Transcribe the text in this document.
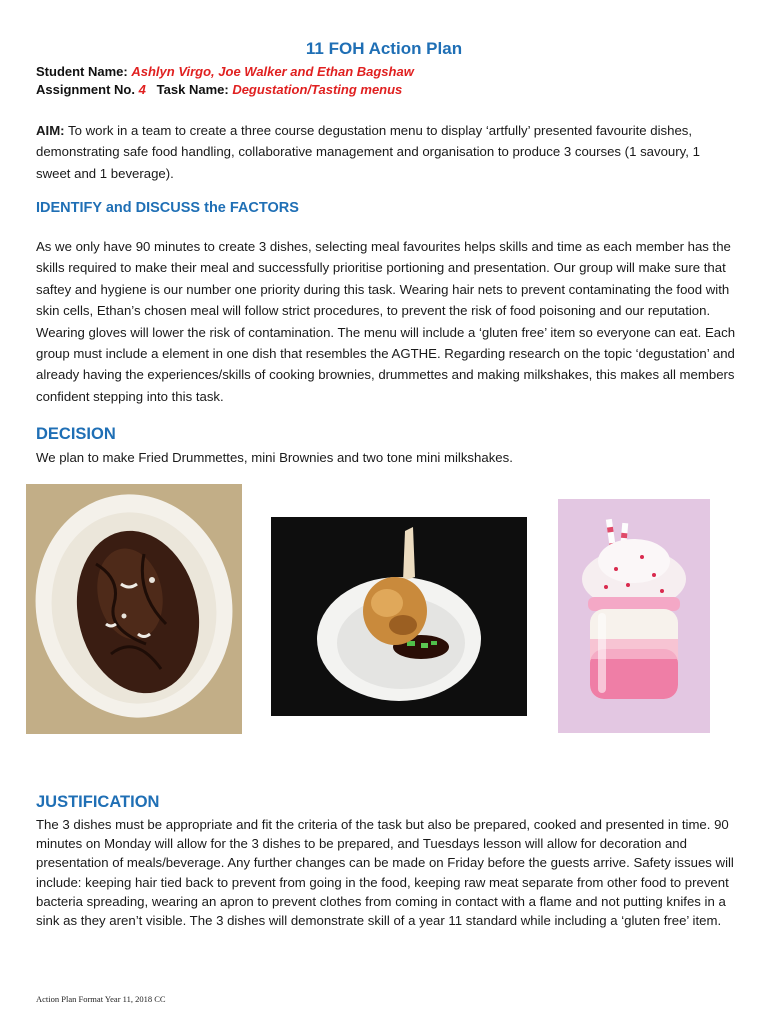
11 FOH Action Plan
Student Name: Ashlyn Virgo, Joe Walker and Ethan Bagshaw
Assignment No. 4 Task Name: Degustation/Tasting menus
AIM: To work in a team to create a three course degustation menu to display ‘artfully’ presented favourite dishes, demonstrating safe food handling, collaborative management and organisation to produce 3 courses (1 savoury, 1 sweet and 1 beverage).
IDENTIFY and DISCUSS the FACTORS
As we only have 90 minutes to create 3 dishes, selecting meal favourites helps skills and time as each member has the skills required to make their meal and successfully prioritise portioning and presentation. Our group will make sure that saftey and hygiene is our number one priority during this task. Wearing hair nets to prevent contaminating the food with skin cells, Ethan’s chosen meal will follow strict procedures, to prevent the risk of food poisoning and our reputation. Wearing gloves will lower the risk of contamination. The menu will include a ‘gluten free’ item so everyone can eat. Each group must include a element in one dish that resembles the AGTHE. Regarding research on the topic ‘degustation’ and already having the experiences/skills of cooking brownies, drummettes and making milkshakes, this makes all members confident stepping into this task.
DECISION
We plan to make Fried Drummettes, mini Brownies and two tone mini milkshakes.
JUSTIFICATION
The 3 dishes must be appropriate and fit the criteria of the task but also be prepared, cooked and presented in time. 90 minutes on Monday will allow for the 3 dishes to be prepared, and Tuesdays lesson will allow for decoration and presentation of meals/beverage. Any further changes can be made on Friday before the guests arrive. Safety issues will include: keeping hair tied back to prevent from going in the food, keeping raw meat separate from other food to prevent bacteria spreading, wearing an apron to prevent clothes from coming in contact with a flame and not putting knifes in a sink as they aren’t visible. The 3 dishes will demonstrate skill of a year 11 standard while including a ‘gluten free’ item.
Action Plan Format Year 11, 2018 CC
